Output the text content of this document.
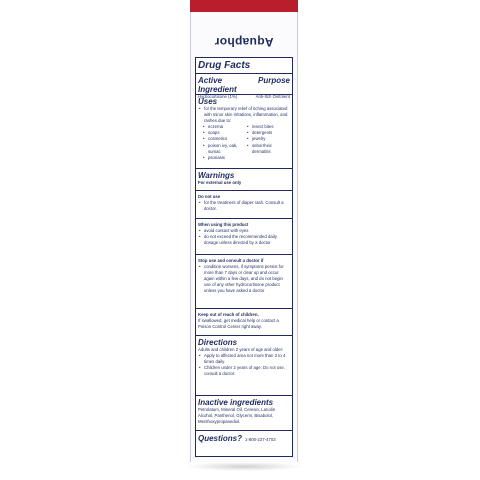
Aquaphor
Drug Facts
Active Ingredient
Purpose
Hydrocortisone (1%)	Anti-Itch Ointment
Uses
• for the temporary relief of itching associated with minor skin irritations, inflammation, and rashes due to:
• eczema	• insect bites
• soaps	• detergents
• cosmetics	• jewelry
• poison ivy, oak, sumac
• seborrheic dermatitis
• psoriasis
Warnings
For external use only
Do not use
• for the treatment of diaper rash. Consult a doctor.
When using this product
• avoid contact with eyes
• do not exceed the recommended daily dosage unless directed by a doctor
Stop use and consult a doctor if
• condition worsens, if symptoms persist for more than 7 days or clear up and occur again within a few days, and do not begin use of any other hydrocortisone product unless you have asked a doctor
Keep out of reach of children.
If swallowed, get medical help or contact a Poison Control Center right away.
Directions
Adults and children 2 years of age and older:
• Apply to affected area not more than 3 to 4 times daily.
• Children under 2 years of age: Do not use, consult a doctor.
Inactive ingredients
Petrolatum, Mineral Oil, Ceresin, Lanolin Alcohol, Panthenol, Glycerin, Bisabolol, Menthoxypropanediol.
Questions? 1-800-227-4703
